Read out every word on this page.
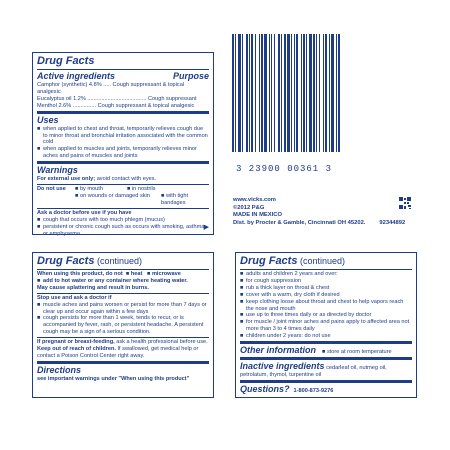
Drug Facts
Active ingredients	Purpose
Camphor (synthetic) 4.8% ..... Cough suppressant & topical analgesic
Eucalyptus oil 1.2% ...................................... Cough suppressant
Menthol 2.6% ............... Cough suppressant & topical analgesic
Uses
■ when applied to chest and throat, temporarily relieves cough due to minor throat and bronchial irritation associated with the common cold
■ when applied to muscles and joints, temporarily relieves minor aches and pains of muscles and joints
Warnings
For external use only; avoid contact with eyes.
Do not use	■ by mouth	■ in nostrils
■ on wounds or damaged skin	■ with tight bandages
Ask a doctor before use if you have
■ cough that occurs with too much phlegm (mucus)
■ persistent or chronic cough such as occurs with smoking, asthma or emphysema
▶
3 23900 00361 3
www.vicks.com
©2012 P&G
MADE IN MEXICO
Dist. by Procter & Gamble, Cincinnati OH 45202. 92344892
Drug Facts (continued)
When using this product, do not  ■ heat   ■ microwave
■ add to hot water or any container where heating water.
May cause splattering and result in burns.
Stop use and ask a doctor if
■ muscle aches and pains worsen or persist for more than 7 days or clear up and occur again within a few days
■ cough persists for more than 1 week, tends to recur, or is accompanied by fever, rash, or persistent headache. A persistent cough may be a sign of a serious condition.
If pregnant or breast-feeding, ask a health professional before use.
Keep out of reach of children. If swallowed, get medical help or contact a Poison Control Center right away.
Directions
see important warnings under "When using this product"
Drug Facts (continued)
■ adults and children 2 years and over:
■ for cough suppression
■ rub a thick layer on throat & chest
■ cover with a warm, dry cloth if desired
■ keep clothing loose about throat and chest to help vapors reach the nose and mouth
■ use up to three times daily or as directed by doctor
■ for muscle / joint minor aches and pains apply to affected area not more than 3 to 4 times daily
■ children under 2 years: do not use
Other information ■ store at room temperature
Inactive ingredients cedarleaf oil, nutmeg oil, petrolatum, thymol, turpentine oil
Questions? 1-800-873-9276
